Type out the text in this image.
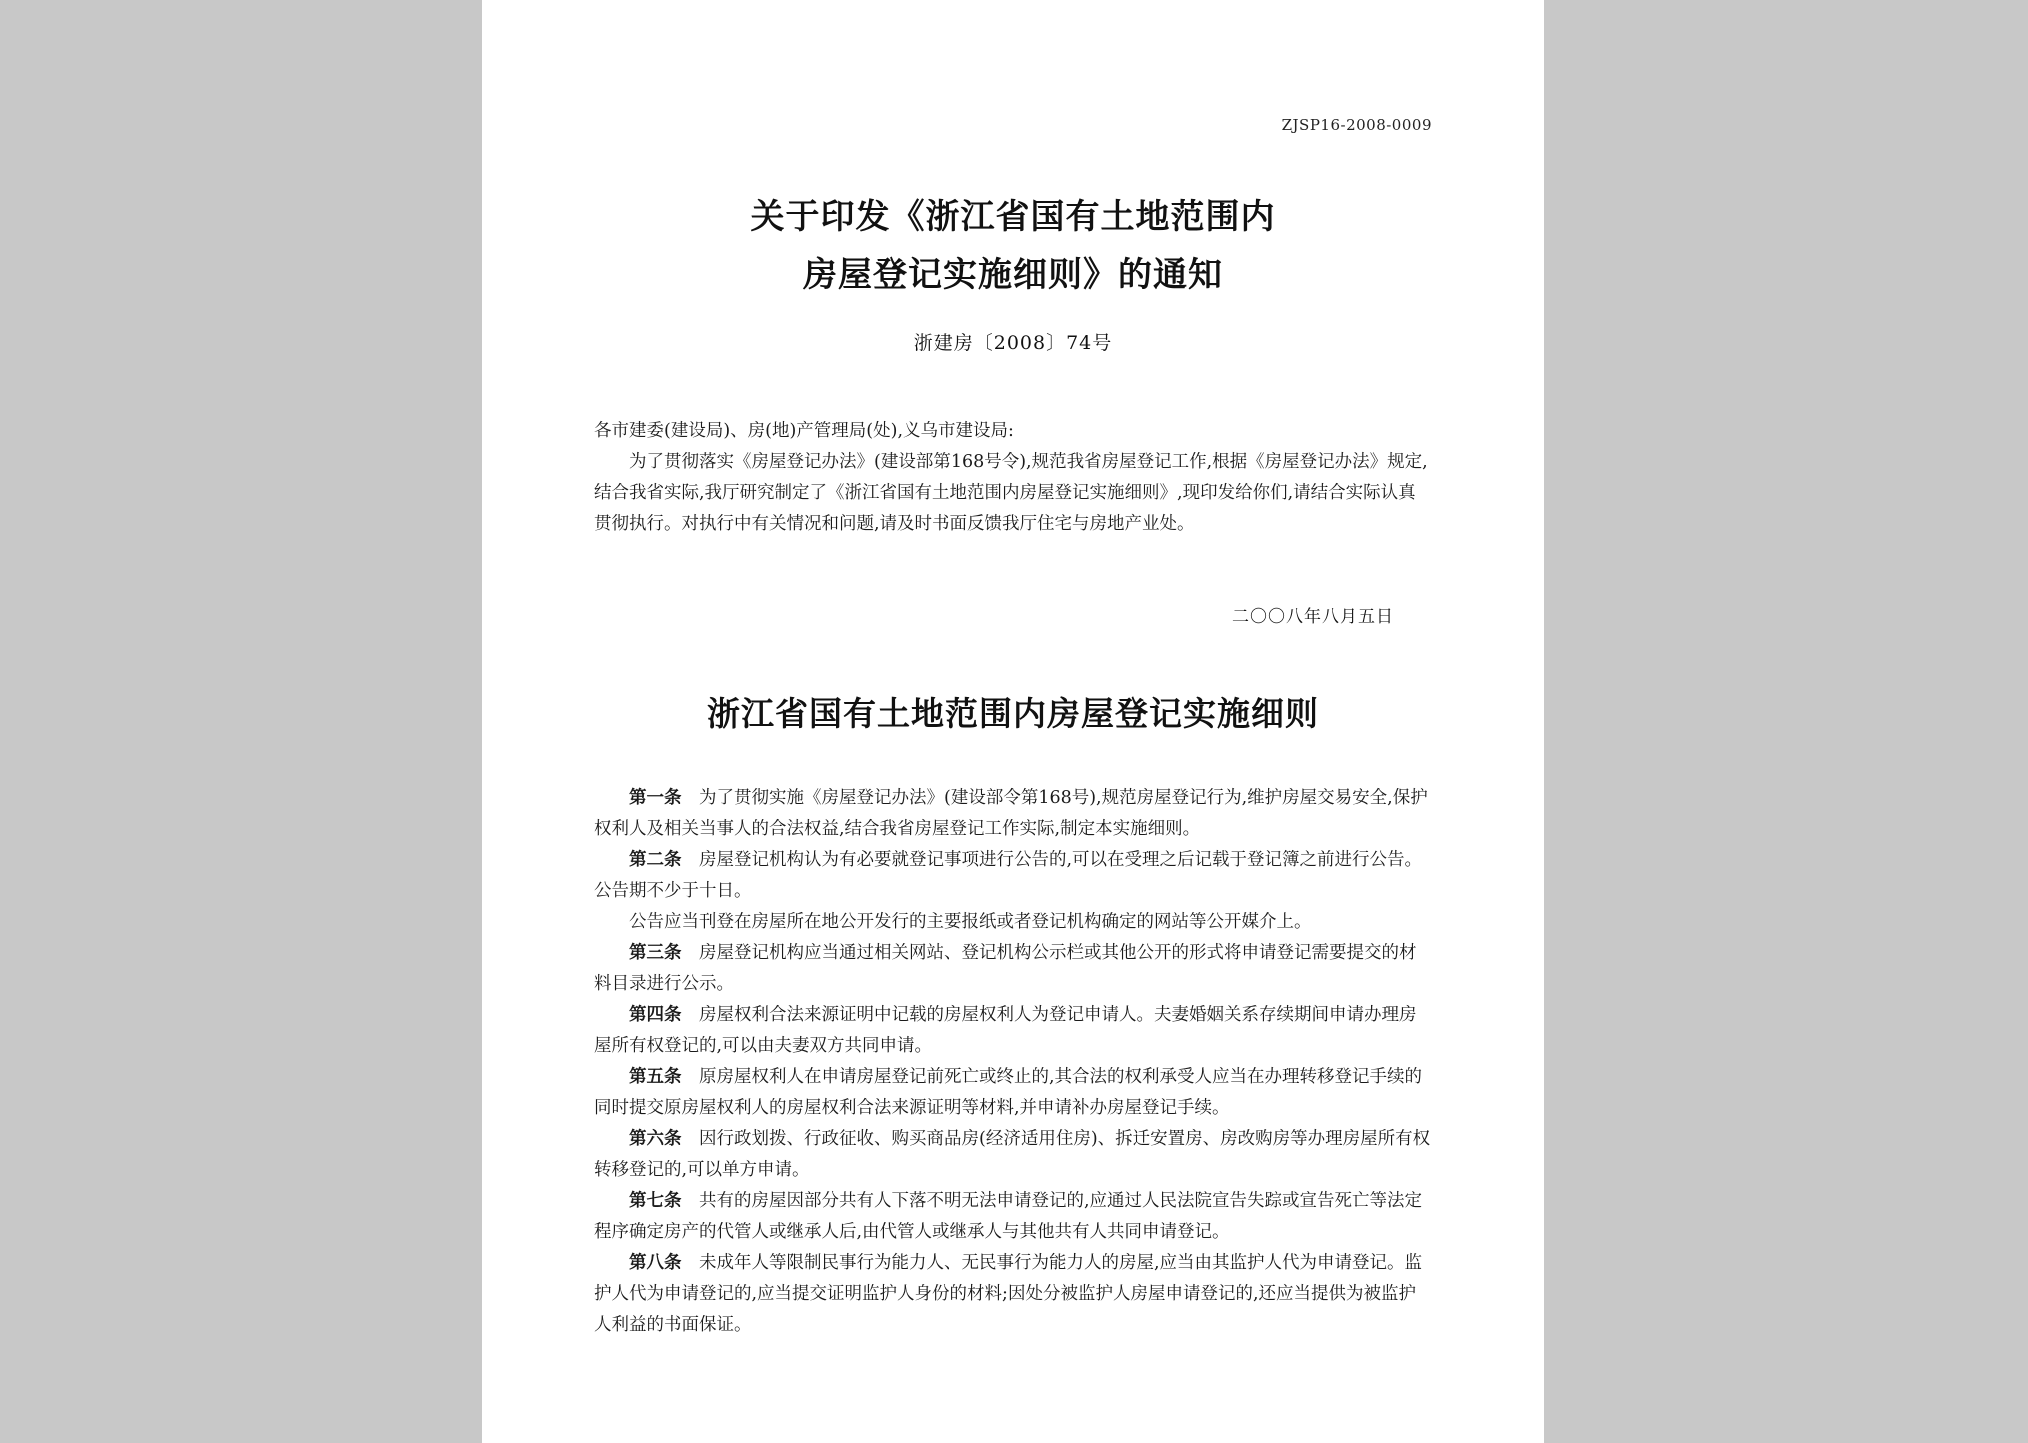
ZJSP16-2008-0009
关于印发《浙江省国有土地范围内
房屋登记实施细则》的通知
浙建房〔2008〕74号

各市建委(建设局)、房(地)产管理局(处),义乌市建设局:

为了贯彻落实《房屋登记办法》(建设部第168号令),规范我省房屋登记工作,根据《房屋登记办法》规定,结合我省实际,我厅研究制定了《浙江省国有土地范围内房屋登记实施细则》,现印发给你们,请结合实际认真贯彻执行。对执行中有关情况和问题,请及时书面反馈我厅住宅与房地产业处。

二〇〇八年八月五日
浙江省国有土地范围内房屋登记实施细则

第一条 为了贯彻实施《房屋登记办法》(建设部令第168号),规范房屋登记行为,维护房屋交易安全,保护权利人及相关当事人的合法权益,结合我省房屋登记工作实际,制定本实施细则。

第二条 房屋登记机构认为有必要就登记事项进行公告的,可以在受理之后记载于登记簿之前进行公告。公告期不少于十日。

公告应当刊登在房屋所在地公开发行的主要报纸或者登记机构确定的网站等公开媒介上。

第三条 房屋登记机构应当通过相关网站、登记机构公示栏或其他公开的形式将申请登记需要提交的材料目录进行公示。

第四条 房屋权利合法来源证明中记载的房屋权利人为登记申请人。夫妻婚姻关系存续期间申请办理房屋所有权登记的,可以由夫妻双方共同申请。

第五条 原房屋权利人在申请房屋登记前死亡或终止的,其合法的权利承受人应当在办理转移登记手续的同时提交原房屋权利人的房屋权利合法来源证明等材料,并申请补办房屋登记手续。

第六条 因行政划拨、行政征收、购买商品房(经济适用住房)、拆迁安置房、房改购房等办理房屋所有权转移登记的,可以单方申请。

第七条 共有的房屋因部分共有人下落不明无法申请登记的,应通过人民法院宣告失踪或宣告死亡等法定程序确定房产的代管人或继承人后,由代管人或继承人与其他共有人共同申请登记。

第八条 未成年人等限制民事行为能力人、无民事行为能力人的房屋,应当由其监护人代为申请登记。监护人代为申请登记的,应当提交证明监护人身份的材料;因处分被监护人房屋申请登记的,还应当提供为被监护人利益的书面保证。
